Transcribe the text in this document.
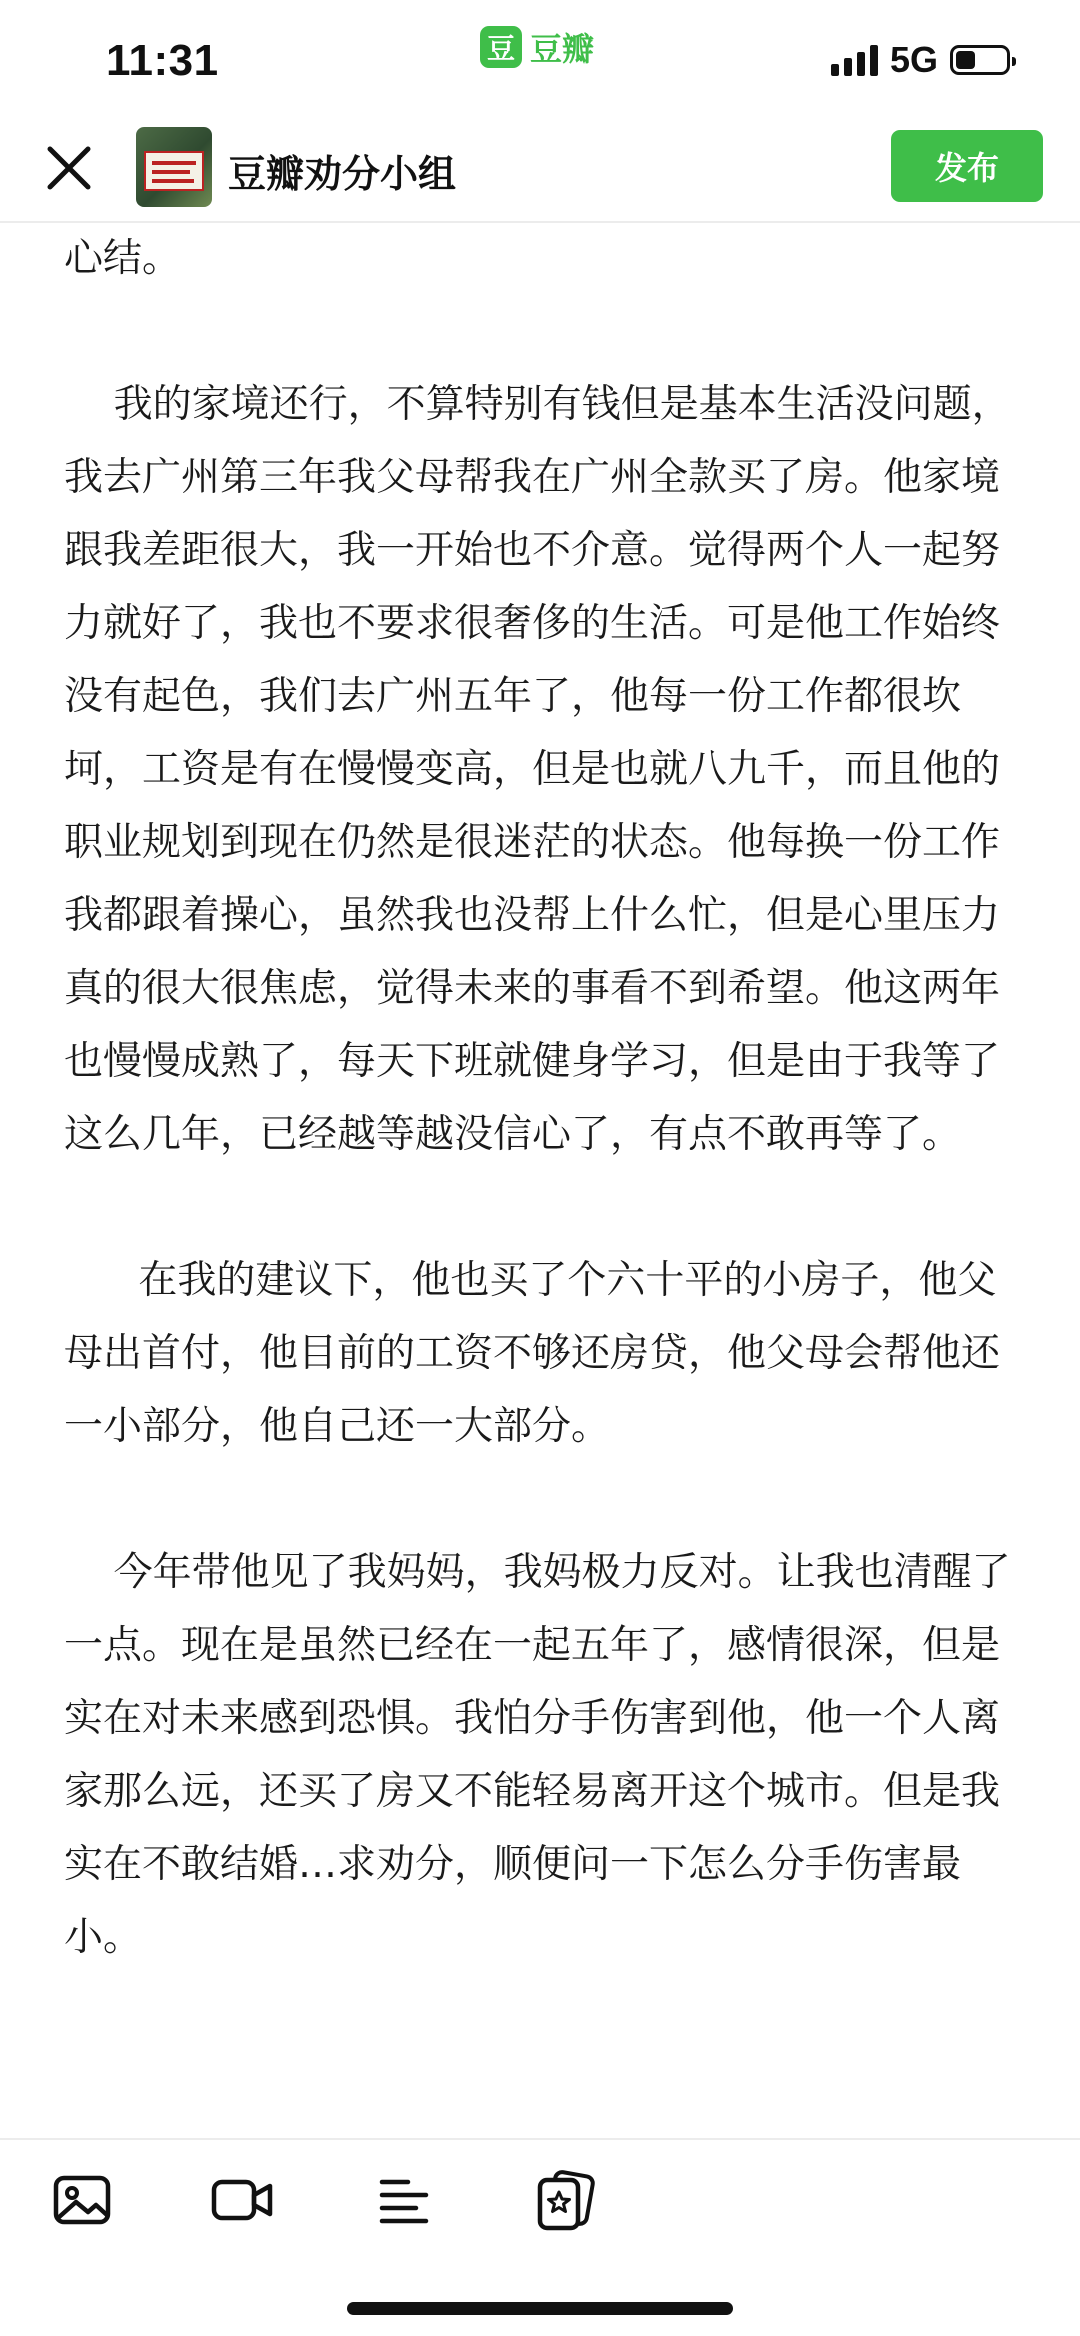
11:31	豆 豆瓣	5G
豆瓣劝分小组	发布

心结。

我的家境还行，不算特别有钱但是基本生活没问题，我去广州第三年我父母帮我在广州全款买了房。他家境跟我差距很大，我一开始也不介意。觉得两个人一起努力就好了，我也不要求很奢侈的生活。可是他工作始终没有起色，我们去广州五年了，他每一份工作都很坎坷，工资是有在慢慢变高，但是也就八九千，而且他的职业规划到现在仍然是很迷茫的状态。他每换一份工作我都跟着操心，虽然我也没帮上什么忙，但是心里压力真的很大很焦虑，觉得未来的事看不到希望。他这两年也慢慢成熟了，每天下班就健身学习，但是由于我等了这么几年，已经越等越没信心了，有点不敢再等了。

在我的建议下，他也买了个六十平的小房子，他父母出首付，他目前的工资不够还房贷，他父母会帮他还一小部分，他自己还一大部分。

今年带他见了我妈妈，我妈极力反对。让我也清醒了一点。现在是虽然已经在一起五年了，感情很深，但是实在对未来感到恐惧。我怕分手伤害到他，他一个人离家那么远，还买了房又不能轻易离开这个城市。但是我实在不敢结婚…求劝分，顺便问一下怎么分手伤害最小。
